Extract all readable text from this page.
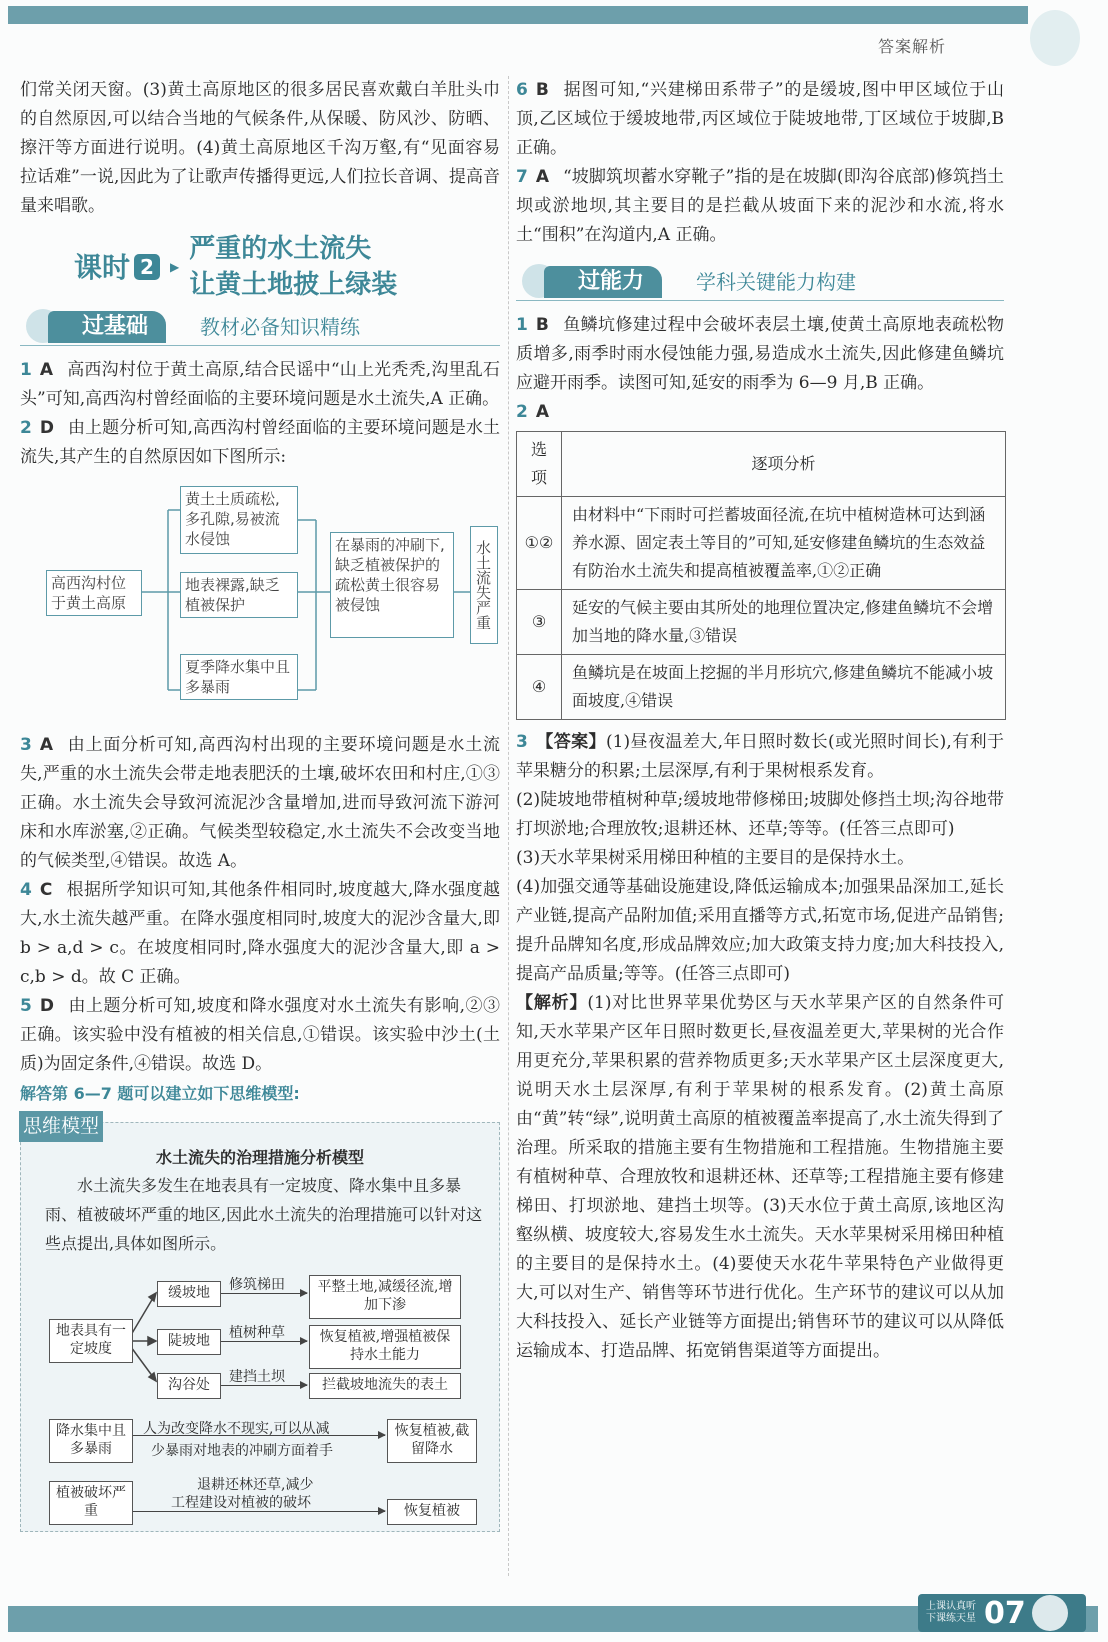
答案解析

们常关闭天窗。(3)黄土高原地区的很多居民喜欢戴白羊肚头巾的自然原因,可以结合当地的气候条件,从保暖、防风沙、防晒、擦汗等方面进行说明。(4)黄土高原地区千沟万壑,有“见面容易拉话难”一说,因此为了让歌声传播得更远,人们拉长音调、提高音量来唱歌。

课时 2	▶
严重的水土流失
让黄土地披上绿装
过基础	教材必备知识精练

1 A 高西沟村位于黄土高原,结合民谣中“山上光秃秃,沟里乱石头”可知,高西沟村曾经面临的主要环境问题是水土流失,A 正确。

2 D 由上题分析可知,高西沟村曾经面临的主要环境问题是水土流失,其产生的自然原因如下图所示:

高西沟村位于黄土高原
黄土土质疏松,多孔隙,易被流水侵蚀
地表裸露,缺乏植被保护
夏季降水集中且多暴雨
在暴雨的冲刷下,缺乏植被保护的疏松黄土很容易被侵蚀	水土流失严重

3 A 由上面分析可知,高西沟村出现的主要环境问题是水土流失,严重的水土流失会带走地表肥沃的土壤,破坏农田和村庄,①③正确。水土流失会导致河流泥沙含量增加,进而导致河流下游河床和水库淤塞,②正确。气候类型较稳定,水土流失不会改变当地的气候类型,④错误。故选 A。

4 C 根据所学知识可知,其他条件相同时,坡度越大,降水强度越大,水土流失越严重。在降水强度相同时,坡度大的泥沙含量大,即 b > a,d > c。在坡度相同时,降水强度大的泥沙含量大,即 a > c,b > d。故 C 正确。

5 D 由上题分析可知,坡度和降水强度对水土流失有影响,②③正确。该实验中没有植被的相关信息,①错误。该实验中沙土(土质)为固定条件,④错误。故选 D。

解答第 6—7 题可以建立如下思维模型:

思维模型
水土流失的治理措施分析模型
水土流失多发生在地表具有一定坡度、降水集中且多暴雨、植被破坏严重的地区,因此水土流失的治理措施可以针对这些点提出,具体如图所示。
地表具有一定坡度
缓坡地	修筑梯田	平整土地,减缓径流,增加下渗
陡坡地	植树种草	恢复植被,增强植被保持水土能力
沟谷处	建挡土坝	拦截坡地流失的表土
降水集中且多暴雨
人为改变降水不现实,可以从减
少暴雨对地表的冲刷方面着手
恢复植被,截留降水
植被破坏严重
退耕还林还草,减少
工程建设对植被的破坏	恢复植被

6 B 据图可知,“兴建梯田系带子”的是缓坡,图中甲区域位于山顶,乙区域位于缓坡地带,丙区域位于陡坡地带,丁区域位于坡脚,B 正确。

7 A “坡脚筑坝蓄水穿靴子”指的是在坡脚(即沟谷底部)修筑挡土坝或淤地坝,其主要目的是拦截从坡面下来的泥沙和水流,将水土“围积”在沟道内,A 正确。

过能力	学科关键能力构建

1 B 鱼鳞坑修建过程中会破坏表层土壤,使黄土高原地表疏松物质增多,雨季时雨水侵蚀能力强,易造成水土流失,因此修建鱼鳞坑应避开雨季。读图可知,延安的雨季为 6—9 月,B 正确。

2 A

选项	逐项分析
①②	由材料中“下雨时可拦蓄坡面径流,在坑中植树造林可达到涵养水源、固定表土等目的”可知,延安修建鱼鳞坑的生态效益有防治水土流失和提高植被覆盖率,①②正确
③	延安的气候主要由其所处的地理位置决定,修建鱼鳞坑不会增加当地的降水量,③错误
④	鱼鳞坑是在坡面上挖掘的半月形坑穴,修建鱼鳞坑不能减小坡面坡度,④错误

3 【答案】(1)昼夜温差大,年日照时数长(或光照时间长),有利于苹果糖分的积累;土层深厚,有利于果树根系发育。

(2)陡坡地带植树种草;缓坡地带修梯田;坡脚处修挡土坝;沟谷地带打坝淤地;合理放牧;退耕还林、还草;等等。(任答三点即可)

(3)天水苹果树采用梯田种植的主要目的是保持水土。

(4)加强交通等基础设施建设,降低运输成本;加强果品深加工,延长产业链,提高产品附加值;采用直播等方式,拓宽市场,促进产品销售;提升品牌知名度,形成品牌效应;加大政策支持力度;加大科技投入,提高产品质量;等等。(任答三点即可)

【解析】(1)对比世界苹果优势区与天水苹果产区的自然条件可知,天水苹果产区年日照时数更长,昼夜温差更大,苹果树的光合作用更充分,苹果积累的营养物质更多;天水苹果产区土层深度更大,说明天水土层深厚,有利于苹果树的根系发育。(2)黄土高原由“黄”转“绿”,说明黄土高原的植被覆盖率提高了,水土流失得到了治理。所采取的措施主要有生物措施和工程措施。生物措施主要有植树种草、合理放牧和退耕还林、还草等;工程措施主要有修建梯田、打坝淤地、建挡土坝等。(3)天水位于黄土高原,该地区沟壑纵横、坡度较大,容易发生水土流失。天水苹果树采用梯田种植的主要目的是保持水土。(4)要使天水花牛苹果特色产业做得更大,可以对生产、销售等环节进行优化。生产环节的建议可以从加大科技投入、延长产业链等方面提出;销售环节的建议可以从降低运输成本、打造品牌、拓宽销售渠道等方面提出。

上课认真听
下课练天星 07
